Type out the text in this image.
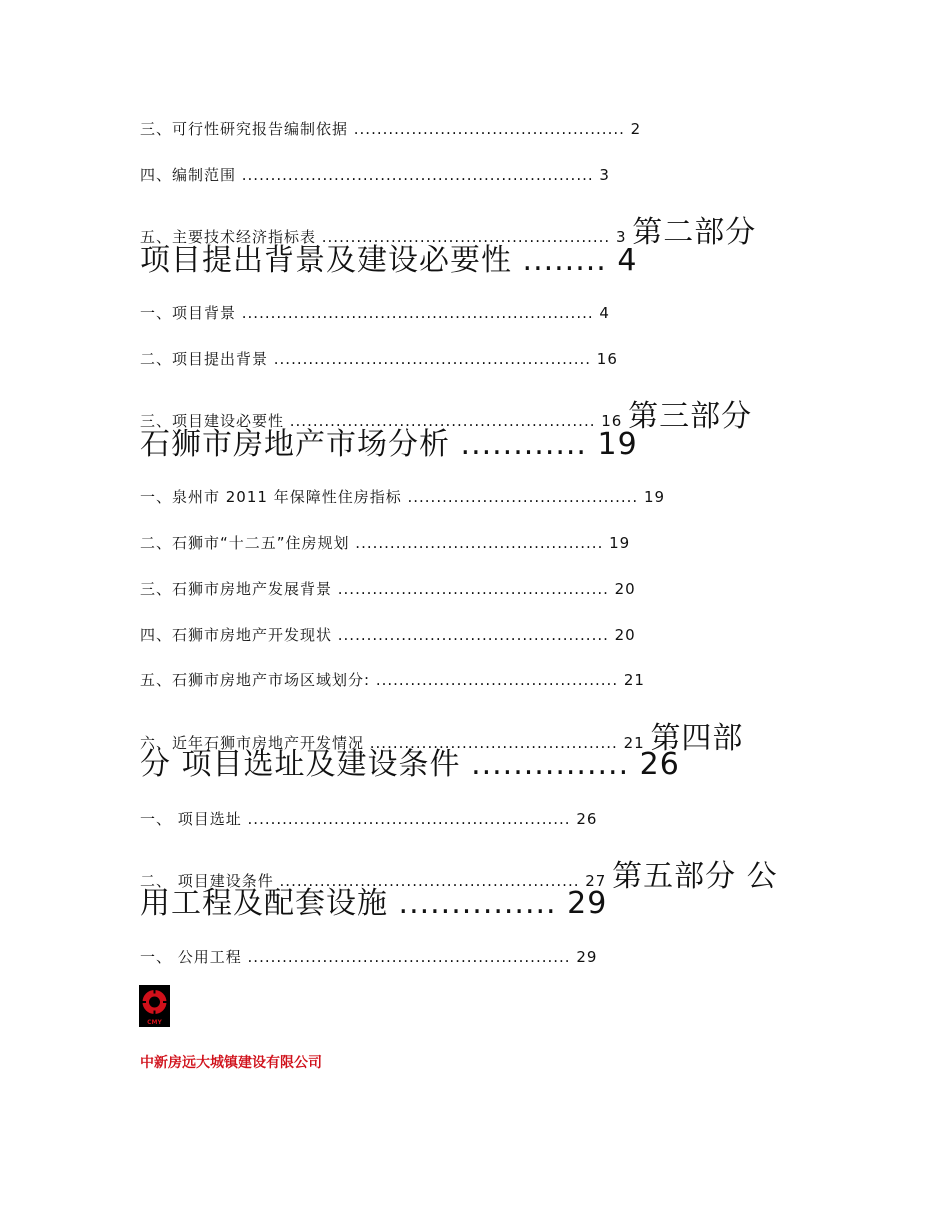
三、可行性研究报告编制依据 ............................................... 2
四、编制范围 ............................................................. 3
五、主要技术经济指标表 .................................................. 3 第二部分
项目提出背景及建设必要性 ........ 4
一、项目背景 ............................................................. 4
二、项目提出背景 ....................................................... 16
三、项目建设必要性 ..................................................... 16 第三部分
石狮市房地产市场分析 ............ 19
一、泉州市 2011 年保障性住房指标 ........................................ 19
二、石狮市“十二五”住房规划 ........................................... 19
三、石狮市房地产发展背景 ............................................... 20
四、石狮市房地产开发现状 ............................................... 20
五、石狮市房地产市场区域划分: .......................................... 21
六、近年石狮市房地产开发情况 ........................................... 21 第四部
分 项目选址及建设条件 ............... 26
一、 项目选址 ........................................................ 26
二、 项目建设条件 .................................................... 27 第五部分 公
用工程及配套设施 ............... 29
一、 公用工程 ........................................................ 29
CMY
中新房远大城镇建设有限公司
